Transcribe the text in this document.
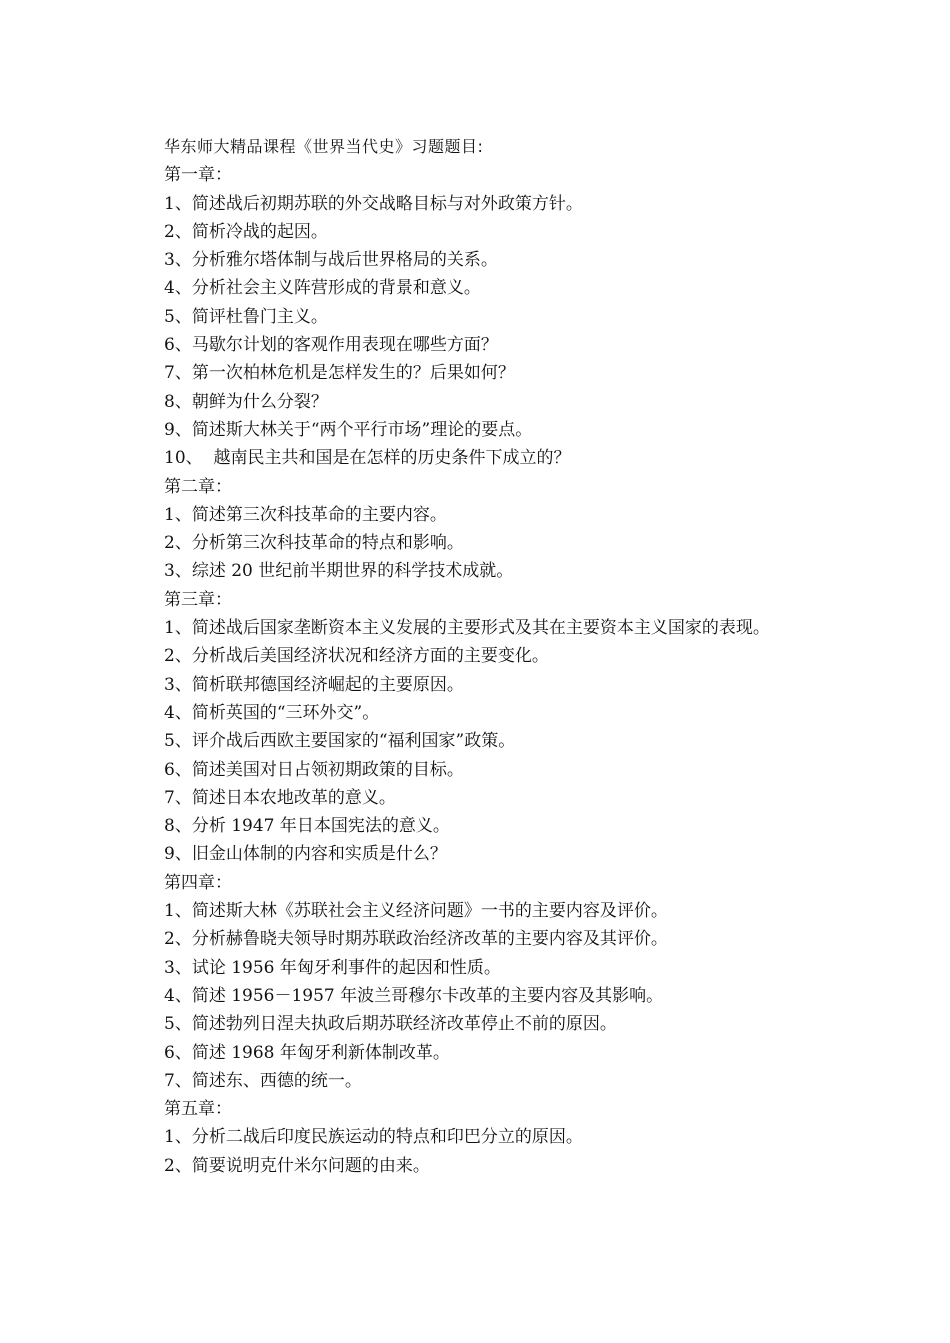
华东师大精品课程《世界当代史》习题题目:
第一章：
1、简述战后初期苏联的外交战略目标与对外政策方针。
2、简析冷战的起因。
3、分析雅尔塔体制与战后世界格局的关系。
4、分析社会主义阵营形成的背景和意义。
5、简评杜鲁门主义。
6、马歇尔计划的客观作用表现在哪些方面？
7、第一次柏林危机是怎样发生的？后果如何？
8、朝鲜为什么分裂？
9、简述斯大林关于“两个平行市场”理论的要点。
10、  越南民主共和国是在怎样的历史条件下成立的？
第二章：
1、简述第三次科技革命的主要内容。
2、分析第三次科技革命的特点和影响。
3、综述 20 世纪前半期世界的科学技术成就。
第三章：
1、简述战后国家垄断资本主义发展的主要形式及其在主要资本主义国家的表现。
2、分析战后美国经济状况和经济方面的主要变化。
3、简析联邦德国经济崛起的主要原因。
4、简析英国的“三环外交”。
5、评介战后西欧主要国家的“福利国家”政策。
6、简述美国对日占领初期政策的目标。
7、简述日本农地改革的意义。
8、分析 1947 年日本国宪法的意义。
9、旧金山体制的内容和实质是什么？
第四章：
1、简述斯大林《苏联社会主义经济问题》一书的主要内容及评价。
2、分析赫鲁晓夫领导时期苏联政治经济改革的主要内容及其评价。
3、试论 1956 年匈牙利事件的起因和性质。
4、简述 1956－1957 年波兰哥穆尔卡改革的主要内容及其影响。
5、简述勃列日涅夫执政后期苏联经济改革停止不前的原因。
6、简述 1968 年匈牙利新体制改革。
7、简述东、西德的统一。
第五章：
1、分析二战后印度民族运动的特点和印巴分立的原因。
2、简要说明克什米尔问题的由来。
